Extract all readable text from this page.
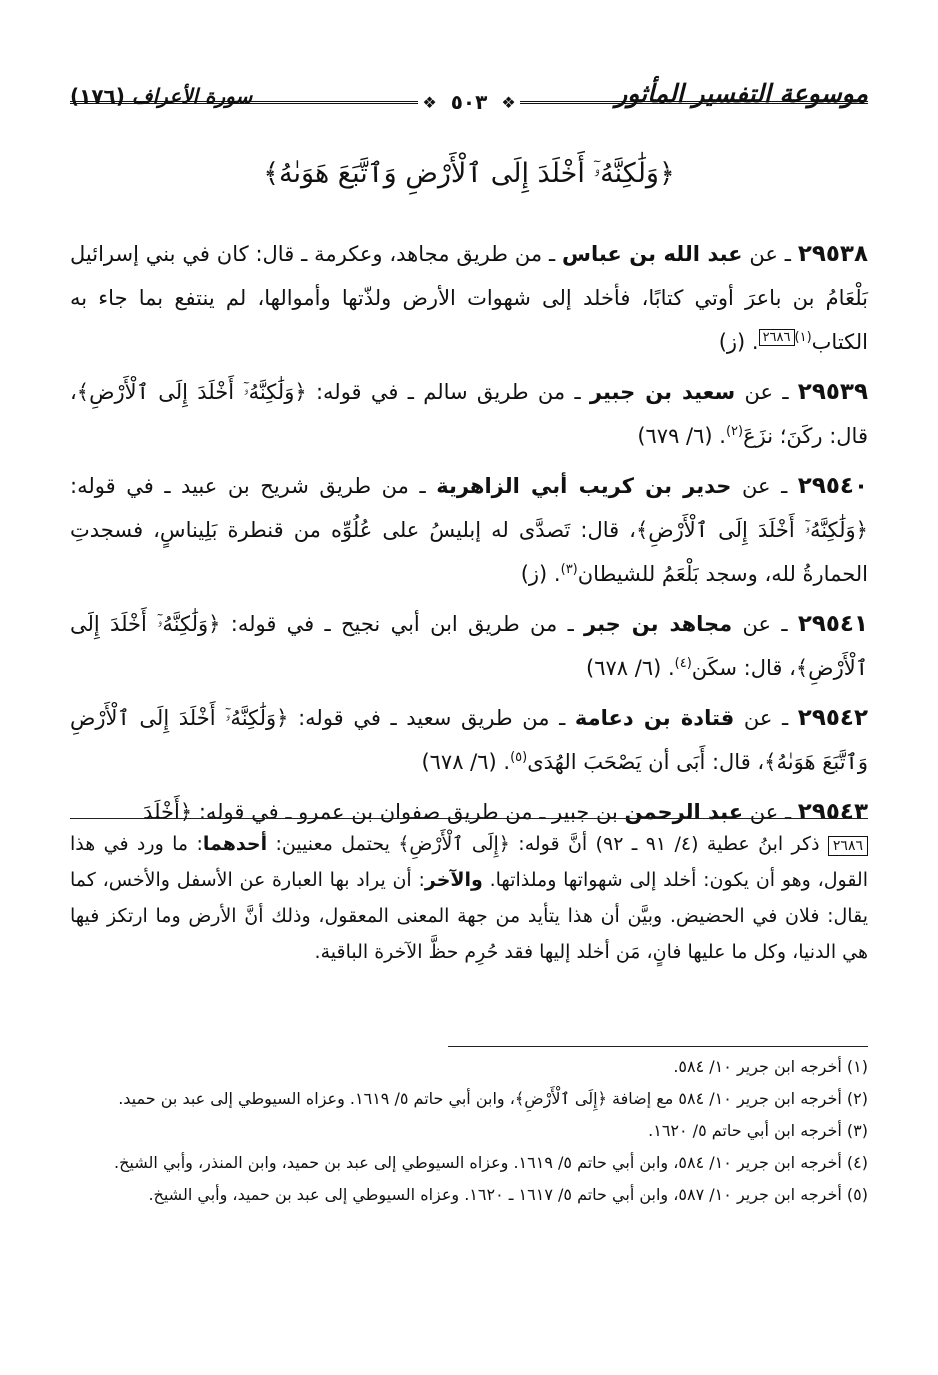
موسوعة التفسير المأثور
سورة الأعراف (١٧٦)	❖
٥٠٣
❖
﴿وَلَٰكِنَّهُۥٓ أَخْلَدَ إِلَى ٱلْأَرْضِ وَٱتَّبَعَ هَوَىٰهُ﴾

٢٩٥٣٨ ـ عن عبد الله بن عباس ـ من طريق مجاهد، وعكرمة ـ قال: كان في بني إسرائيل بَلْعَامُ بن باعرَ أوتي كتابًا، فأخلد إلى شهوات الأرض ولذّتها وأموالها، لم ينتفع بما جاء به الكتاب$^{(١)}$٢٦٨٦. (ز)

٢٩٥٣٩ ـ عن سعيد بن جبير ـ من طريق سالم ـ في قوله: ﴿وَلَٰكِنَّهُۥٓ أَخْلَدَ إِلَى ٱلْأَرْضِ﴾، قال: ركَنَ؛ نزَعَ$^{(٢)}$. (٦/ ٦٧٩)

٢٩٥٤٠ ـ عن حدير بن كريب أبي الزاهرية ـ من طريق شريح بن عبيد ـ في قوله: ﴿وَلَٰكِنَّهُۥٓ أَخْلَدَ إِلَى ٱلْأَرْضِ﴾، قال: تَصدَّى له إبليسُ على عُلُوِّه من قنطرة بَلِيناسٍ، فسجدتِ الحمارةُ لله، وسجد بَلْعَمُ للشيطان$^{(٣)}$. (ز)

٢٩٥٤١ ـ عن مجاهد بن جبر ـ من طريق ابن أبي نجيح ـ في قوله: ﴿وَلَٰكِنَّهُۥٓ أَخْلَدَ إِلَى ٱلْأَرْضِ﴾، قال: سكَن$^{(٤)}$. (٦/ ٦٧٨)

٢٩٥٤٢ ـ عن قتادة بن دعامة ـ من طريق سعيد ـ في قوله: ﴿وَلَٰكِنَّهُۥٓ أَخْلَدَ إِلَى ٱلْأَرْضِ وَٱتَّبَعَ هَوَىٰهُ﴾، قال: أَبَى أن يَصْحَبَ الهُدَى$^{(٥)}$. (٦/ ٦٧٨)

٢٩٥٤٣ ـ عن عبد الرحمن بن جبير ـ من طريق صفوان بن عمرو ـ في قوله: ﴿أَخْلَدَ

٢٦٨٦ ذكر ابنُ عطية (٤/ ٩١ ـ ٩٢) أنَّ قوله: ﴿إِلَى ٱلْأَرْضِ﴾ يحتمل معنيين: أحدهما: ما ورد في هذا القول، وهو أن يكون: أخلد إلى شهواتها وملذاتها. والآخر: أن يراد بها العبارة عن الأسفل والأخس، كما يقال: فلان في الحضيض. وبيَّن أن هذا يتأيد من جهة المعنى المعقول، وذلك أنَّ الأرض وما ارتكز فيها هي الدنيا، وكل ما عليها فانٍ، مَن أخلد إليها فقد حُرِم حظَّ الآخرة الباقية.

(١) أخرجه ابن جرير ١٠/ ٥٨٤.

(٢) أخرجه ابن جرير ١٠/ ٥٨٤ مع إضافة ﴿إِلَى ٱلْأَرْضِ﴾، وابن أبي حاتم ٥/ ١٦١٩. وعزاه السيوطي إلى عبد بن حميد.

(٣) أخرجه ابن أبي حاتم ٥/ ١٦٢٠.

(٤) أخرجه ابن جرير ١٠/ ٥٨٤، وابن أبي حاتم ٥/ ١٦١٩. وعزاه السيوطي إلى عبد بن حميد، وابن المنذر، وأبي الشيخ.

(٥) أخرجه ابن جرير ١٠/ ٥٨٧، وابن أبي حاتم ٥/ ١٦١٧ ـ ١٦٢٠. وعزاه السيوطي إلى عبد بن حميد، وأبي الشيخ.
